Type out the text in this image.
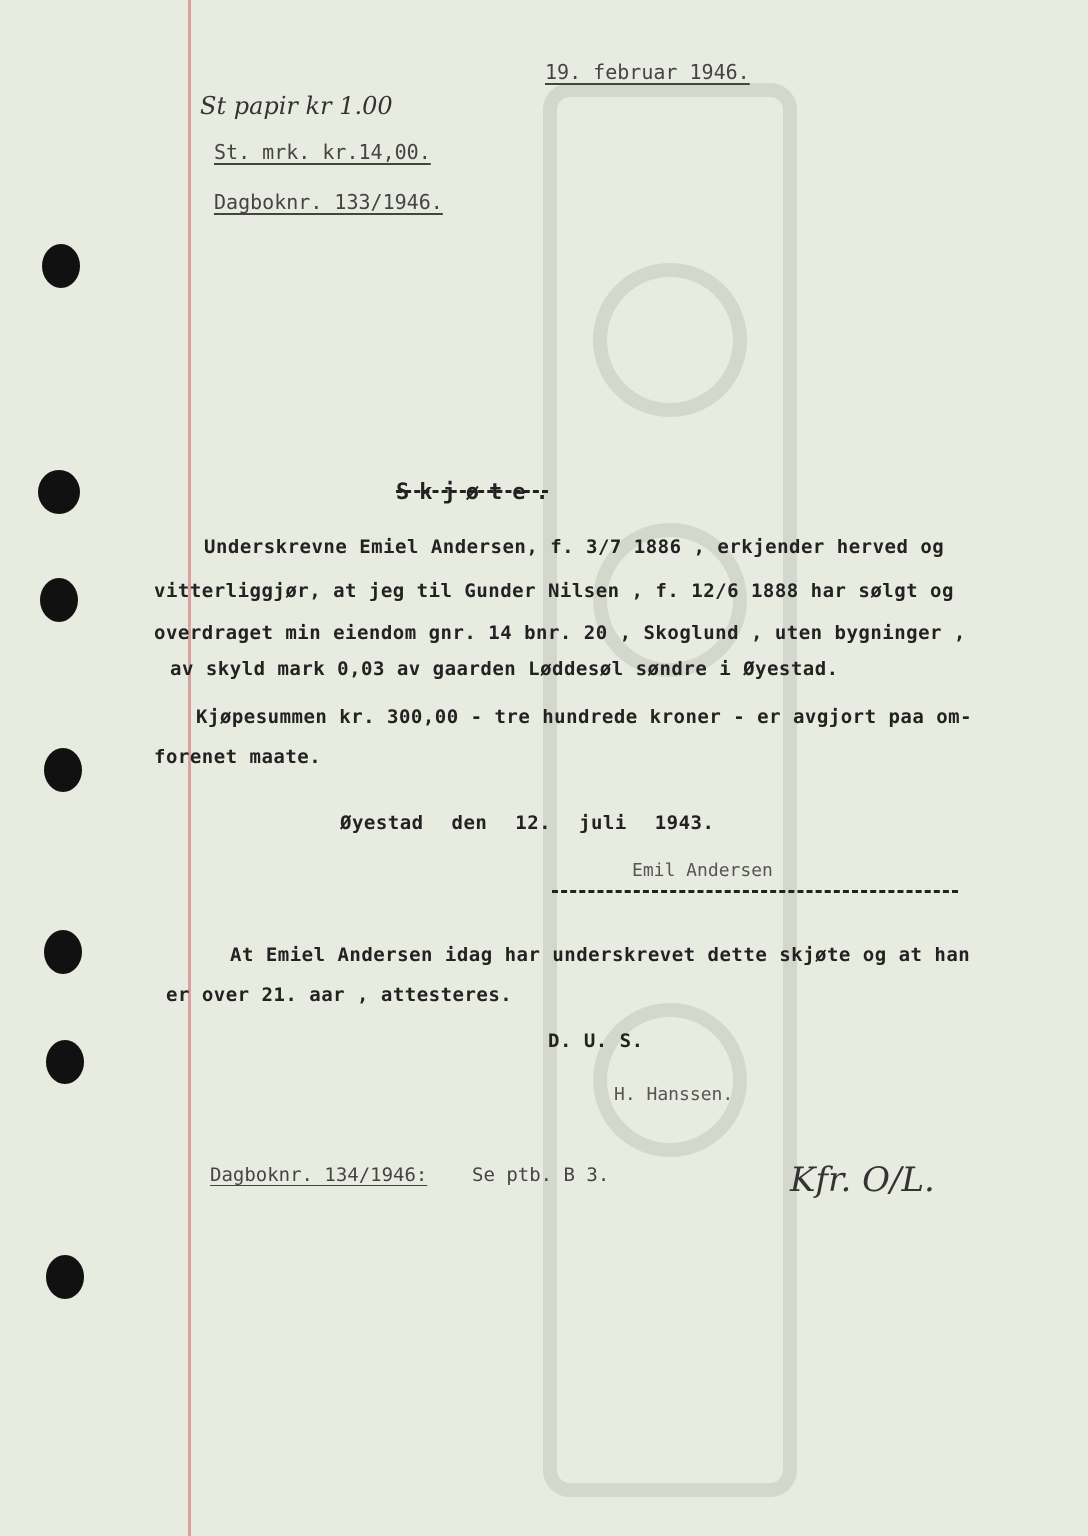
19. februar 1946.
St papir kr 1.00
St. mrk. kr.14,00.
Dagboknr. 133/1946.
Skjøte.
Underskrevne Emiel Andersen, f. 3/7 1886 , erkjender herved og
vitterliggjør, at jeg til Gunder Nilsen , f. 12/6 1888 har sølgt og
overdraget min eiendom gnr. 14 bnr. 20 , Skoglund , uten bygninger ,
av skyld mark 0,03 av gaarden Løddesøl søndre i Øyestad.
Kjøpesummen kr. 300,00 - tre hundrede kroner - er avgjort paa om-
forenet maate.
Øyestad den 12. juli 1943.
Emil Andersen
At Emiel Andersen idag har underskrevet dette skjøte og at han
er over 21. aar , attesteres.
D. U. S.
H. Hanssen.
Dagboknr. 134/1946: Se ptb. B 3.	Kfr. O/L.
